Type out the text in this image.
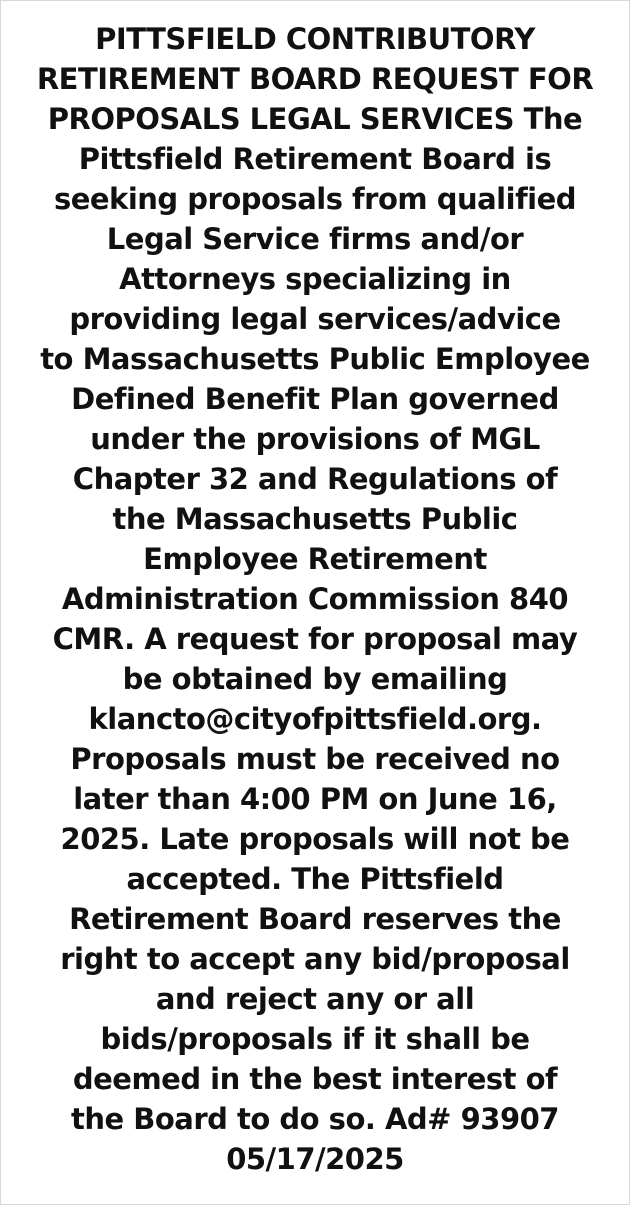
PITTSFIELD CONTRIBUTORY
RETIREMENT BOARD REQUEST FOR
PROPOSALS LEGAL SERVICES The
Pittsfield Retirement Board is
seeking proposals from qualified
Legal Service firms and/or
Attorneys specializing in
providing legal services/advice
to Massachusetts Public Employee
Defined Benefit Plan governed
under the provisions of MGL
Chapter 32 and Regulations of
the Massachusetts Public
Employee Retirement
Administration Commission 840
CMR. A request for proposal may
be obtained by emailing
klancto@cityofpittsfield.org.
Proposals must be received no
later than 4:00 PM on June 16,
2025. Late proposals will not be
accepted. The Pittsfield
Retirement Board reserves the
right to accept any bid/proposal
and reject any or all
bids/proposals if it shall be
deemed in the best interest of
the Board to do so. Ad# 93907
05/17/2025
